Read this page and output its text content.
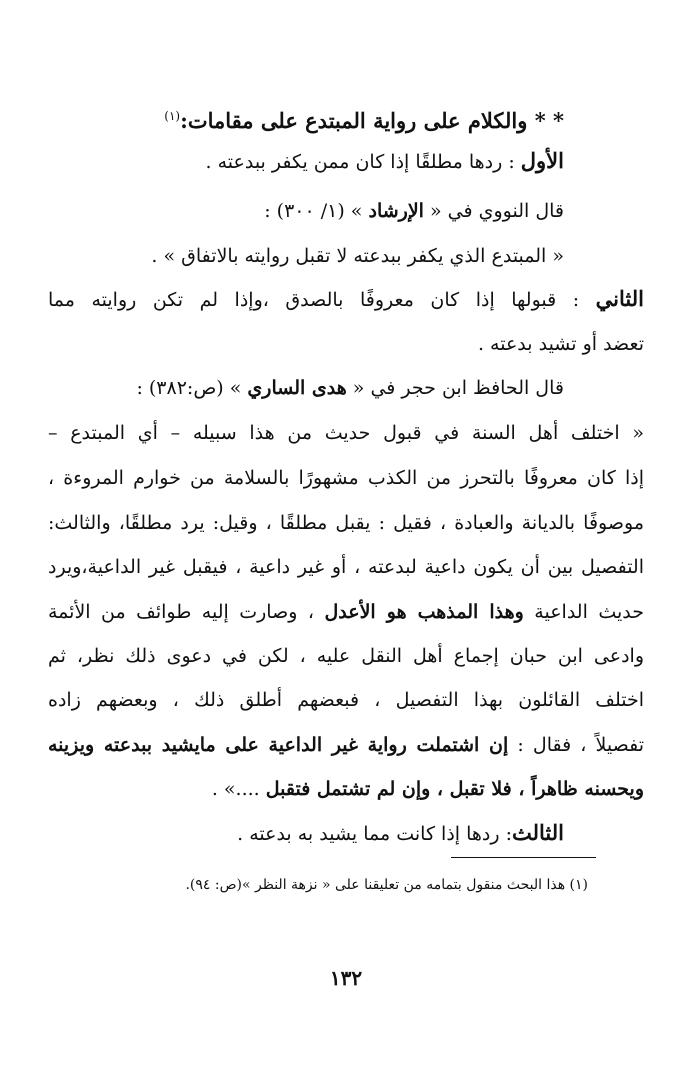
* * والكلام على رواية المبتدع على مقامات:$^{(١)}$
الأول : ردها مطلقًا إذا كان ممن يكفر ببدعته .
قال النووي في « الإرشاد » (١/ ٣٠٠) :
« المبتدع الذي يكفر ببدعته لا تقبل روايته بالاتفاق » .
الثاني : قبولها إذا كان معروفًا بالصدق ،وإذا لم تكن روايته مما
تعضد أو تشيد بدعته .
قال الحافظ ابن حجر في « هدى الساري » (ص:٣٨٢) :
« اختلف أهل السنة في قبول حديث من هذا سبيله – أي المبتدع –
إذا كان معروفًا بالتحرز من الكذب مشهورًا بالسلامة من خوارم المروءة ،
موصوفًا بالديانة والعبادة ، فقيل : يقبل مطلقًا ، وقيل: يرد مطلقًا، والثالث:
التفصيل بين أن يكون داعية لبدعته ، أو غير داعية ، فيقبل غير الداعية،ويرد
حديث الداعية وهذا المذهب هو الأعدل ، وصارت إليه طوائف من الأئمة
وادعى ابن حبان إجماع أهل النقل عليه ، لكن في دعوى ذلك نظر، ثم
اختلف القائلون بهذا التفصيل ، فبعضهم أطلق ذلك ، وبعضهم زاده
تفصيلاً ، فقال : إن اشتملت رواية غير الداعية على مايشيد ببدعته ويزينه
ويحسنه ظاهراً ، فلا تقبل ، وإن لم تشتمل فتقبل ....» .
الثالث: ردها إذا كانت مما يشيد به بدعته .
(١) هذا البحث منقول بتمامه من تعليقنا على « نزهة النظر »(ص: ٩٤).
١٣٢
